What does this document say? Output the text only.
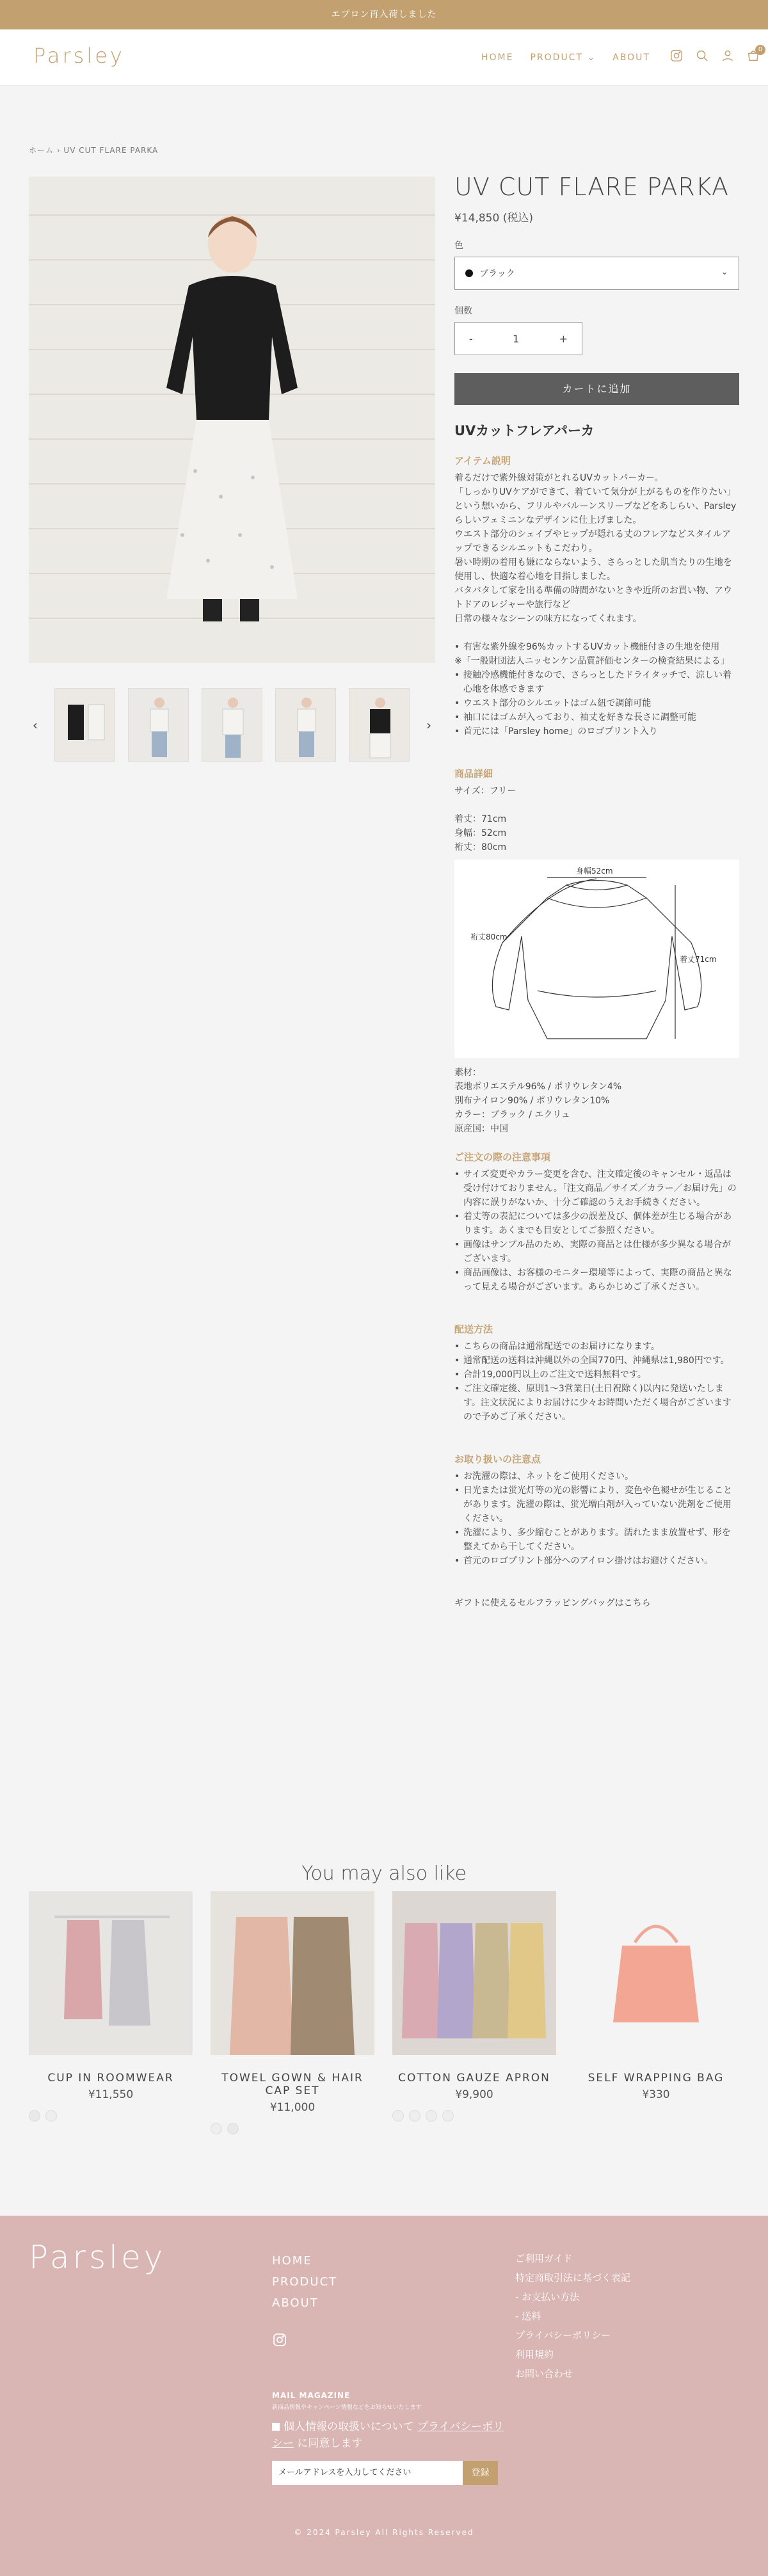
エプロン再入荷しました
Parsley	HOME PRODUCT ⌄ ABOUT
0
ホーム › UV CUT FLARE PARKA
‹	›
UV CUT FLARE PARKA
¥14,850 (税込)
色
ブラック	⌄
個数
-	1	+
カートに追加
UVカットフレアパーカ
アイテム説明
着るだけで紫外線対策がとれるUVカットパーカー。
「しっかりUVケアができて、着ていて気分が上がるものを作りたい」という想いから、フリルやバルーンスリーブなどをあしらい、Parsleyらしいフェミニンなデザインに仕上げました。
ウエスト部分のシェイプやヒップが隠れる丈のフレアなどスタイルアップできるシルエットもこだわり。
暑い時期の着用も嫌にならないよう、さらっとした肌当たりの生地を使用し、快適な着心地を目指しました。
バタバタして家を出る準備の時間がないときや近所のお買い物、アウトドアのレジャーや旅行など
日常の様々なシーンの味方になってくれます。
• 有害な紫外線を96%カットするUVカット機能付きの生地を使用
※「一般財団法人ニッセンケン品質評価センターの検査結果による」
• 接触冷感機能付きなので、さらっとしたドライタッチで、涼しい着心地を体感できます
• ウエスト部分のシルエットはゴム紐で調節可能
• 袖口にはゴムが入っており、袖丈を好きな長さに調整可能
• 首元には「Parsley home」のロゴプリント入り
商品詳細
サイズ：フリー
着丈：71cm
身幅：52cm
裄丈：80cm
身幅52cm
裄丈80cm
着丈71cm
素材：
表地ポリエステル96% / ポリウレタン4%
別布ナイロン90% / ポリウレタン10%
カラー：ブラック / エクリュ
原産国：中国
ご注文の際の注意事項
• サイズ変更やカラー変更を含む、注文確定後のキャンセル・返品は受け付けておりません。「注文商品／サイズ／カラー／お届け先」の内容に誤りがないか、十分ご確認のうえお手続きください。
• 着丈等の表記については多少の誤差及び、個体差が生じる場合があります。あくまでも目安としてご参照ください。
• 画像はサンプル品のため、実際の商品とは仕様が多少異なる場合がございます。
• 商品画像は、お客様のモニター環境等によって、実際の商品と異なって見える場合がございます。あらかじめご了承ください。
配送方法
• こちらの商品は通常配送でのお届けになります。
• 通常配送の送料は沖縄以外の全国770円、沖縄県は1,980円です。
• 合計19,000円以上のご注文で送料無料です。
• ご注文確定後、原則1〜3営業日(土日祝除く)以内に発送いたします。注文状況によりお届けに少々お時間いただく場合がございますので予めご了承ください。
お取り扱いの注意点
• お洗濯の際は、ネットをご使用ください。
• 日光または蛍光灯等の光の影響により、変色や色褪せが生じることがあります。洗濯の際は、蛍光増白剤が入っていない洗剤をご使用ください。
• 洗濯により、多少縮むことがあります。濡れたまま放置せず、形を整えてから干してください。
• 首元のロゴプリント部分へのアイロン掛けはお避けください。
ギフトに使えるセルフラッピングバッグはこちら
You may also like
CUP IN ROOMWEAR
¥11,550
TOWEL GOWN & HAIR CAP SET
¥11,000
COTTON GAUZE APRON
¥9,900
SELF WRAPPING BAG
¥330
Parsley	HOME
PRODUCT
ABOUT
ご利用ガイド
特定商取引法に基づく表記
- お支払い方法
- 送料
プライバシーポリシー
利用規約
お問い合わせ
MAIL MAGAZINE
新商品情報やキャンペーン情報などをお知らせいたします
個人情報の取扱いについて プライバシーポリシー に同意します
メールアドレスを入力してください	登録
© 2024 Parsley All Rights Reserved
